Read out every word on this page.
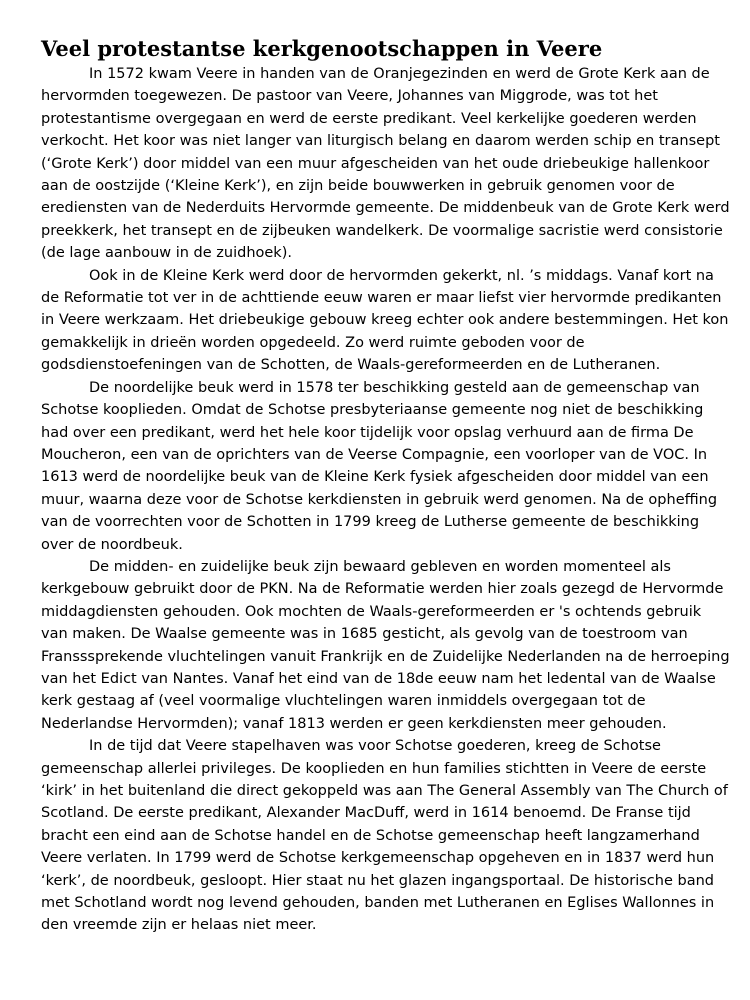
Veel protestantse kerkgenootschappen in Veere

In 1572 kwam Veere in handen van de Oranjegezinden en werd de Grote Kerk aan de hervormden toegewezen. De pastoor van Veere, Johannes van Miggrode, was tot het protestantisme overgegaan en werd de eerste predikant. Veel kerkelijke goederen werden verkocht. Het koor was niet langer van liturgisch belang en daarom werden schip en transept (‘Grote Kerk’) door middel van een muur afgescheiden van het oude driebeukige hallenkoor aan de oostzijde (‘Kleine Kerk’), en zijn beide bouwwerken in gebruik genomen voor de erediensten van de Nederduits Hervormde gemeente. De middenbeuk van de Grote Kerk werd preekkerk, het transept en de zijbeuken wandelkerk. De voormalige sacristie werd consistorie (de lage aanbouw in de zuidhoek).

Ook in de Kleine Kerk werd door de hervormden gekerkt, nl. ’s middags. Vanaf kort na de Reformatie tot ver in de achttiende eeuw waren er maar liefst vier hervormde predikanten in Veere werkzaam. Het driebeukige gebouw kreeg echter ook andere bestemmingen. Het kon gemakkelijk in drieën worden opgedeeld. Zo werd ruimte geboden voor de godsdienstoefeningen van de Schotten, de Waals-gereformeerden en de Lutheranen.

De noordelijke beuk werd in 1578 ter beschikking gesteld aan de gemeenschap van Schotse kooplieden. Omdat de Schotse presbyteriaanse gemeente nog niet de beschikking had over een predikant, werd het hele koor tijdelijk voor opslag verhuurd aan de firma De Moucheron, een van de oprichters van de Veerse Compagnie, een voorloper van de VOC. In 1613 werd de noordelijke beuk van de Kleine Kerk fysiek afgescheiden door middel van een muur, waarna deze voor de Schotse kerkdiensten in gebruik werd genomen. Na de opheffing van de voorrechten voor de Schotten in 1799 kreeg de Lutherse gemeente de beschikking over de noordbeuk.

De midden- en zuidelijke beuk zijn bewaard gebleven en worden momenteel als kerkgebouw gebruikt door de PKN. Na de Reformatie werden hier zoals gezegd de Hervormde middagdiensten gehouden. Ook mochten de Waals-gereformeerden er 's ochtends gebruik van maken. De Waalse gemeente was in 1685 gesticht, als gevolg van de toestroom van Fransssprekende vluchtelingen vanuit Frankrijk en de Zuidelijke Nederlanden na de herroeping van het Edict van Nantes. Vanaf het eind van de 18de eeuw nam het ledental van de Waalse kerk gestaag af (veel voormalige vluchtelingen waren inmiddels overgegaan tot de Nederlandse Hervormden); vanaf 1813 werden er geen kerkdiensten meer gehouden.

In de tijd dat Veere stapelhaven was voor Schotse goederen, kreeg de Schotse gemeenschap allerlei privileges. De kooplieden en hun families stichtten in Veere de eerste ‘kirk’ in het buitenland die direct gekoppeld was aan The General Assembly van The Church of Scotland. De eerste predikant, Alexander MacDuff, werd in 1614 benoemd. De Franse tijd bracht een eind aan de Schotse handel en de Schotse gemeenschap heeft langzamerhand Veere verlaten. In 1799 werd de Schotse kerkgemeenschap opgeheven en in 1837 werd hun ‘kerk’, de noordbeuk, gesloopt. Hier staat nu het glazen ingangsportaal. De historische band met Schotland wordt nog levend gehouden, banden met Lutheranen en Eglises Wallonnes in den vreemde zijn er helaas niet meer.
